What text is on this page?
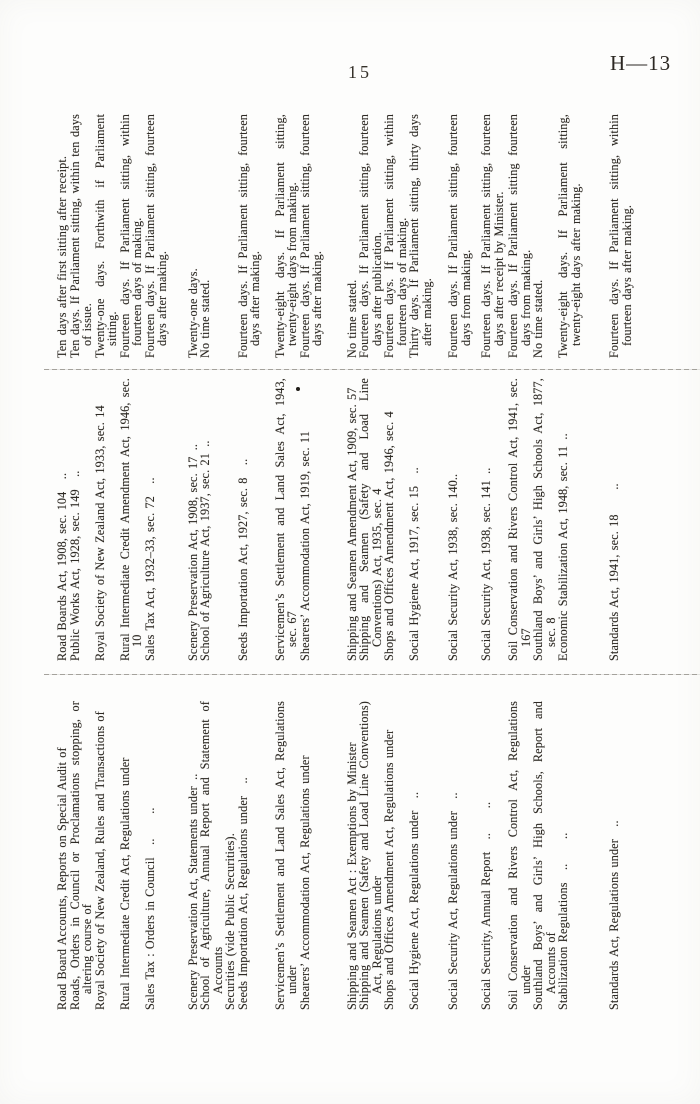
15	H—13
Road Board Accounts, Reports on Special Audit of
Road Boards Act, 1908, sec. 104 ..
Ten days after first sitting after receipt.
Roads, Orders in Council or Proclamations stopping, or altering course of
Public Works Act, 1928, sec. 149 ..
Ten days. If Parliament sitting, within ten days of issue.
Royal Society of New Zealand, Rules and Transactions of
Royal Society of New Zealand Act, 1933, sec. 14
Twenty-one days. Forthwith if Parliament sitting.
Rural Intermediate Credit Act, Regulations under
Rural Intermediate Credit Amendment Act, 1946, sec. 10
Fourteen days. If Parliament sitting, within fourteen days of making.
Sales Tax : Orders in Council ..  ..
Sales Tax Act, 1932–33, sec. 72 ..
Fourteen days. If Parliament sitting, fourteen days after making.
Scenery Preservation Act, Statements under ..
Scenery Preservation Act, 1908, sec. 17 ..
Twenty-one days.
School of Agriculture, Annual Report and Statement of Accounts
School of Agriculture Act, 1937, sec. 21 ..
No time stated.
Securities (vide Public Securities).
Seeds Importation Act, Regulations under ..
Seeds Importation Act, 1927, sec. 8 ..
Fourteen days. If Parliament sitting, fourteen days after making.
Servicemen’s Settlement and Land Sales Act, Regulations under
Servicemen’s Settlement and Land Sales Act, 1943, sec. 67
Twenty-eight days. If Parliament sitting, twenty-eight days from making.
Shearers’ Accommodation Act, Regulations under
Shearers’ Accommodation Act, 1919, sec. 11
Fourteen days. If Parliament sitting, fourteen days after making.
Shipping and Seamen Act : Exemptions by Minister
Shipping and Seamen Amendment Act, 1909, sec. 57
No time stated.
Shipping and Seamen (Safety and Load Line Conventions) Act, Regulations under
Shipping and Seamen (Safety and Load Line Conventions) Act, 1935, sec. 4
Fourteen days. If Parliament sitting, fourteen days after publication.
Shops and Offices Amendment Act, Regulations under
Shops and Offices Amendment Act, 1946, sec. 4
Fourteen days. If Parliament sitting, within fourteen days of making.
Social Hygiene Act, Regulations under ..
Social Hygiene Act, 1917, sec. 15 ..
Thirty days. If Parliament sitting, thirty days after making.
Social Security Act, Regulations under ..
Social Security Act, 1938, sec. 140..
Fourteen days. If Parliament sitting, fourteen days from making.
Social Security, Annual Report ..  ..
Social Security Act, 1938, sec. 141 ..
Fourteen days. If Parliament sitting, fourteen days after receipt by Minister.
Soil Conservation and Rivers Control Act, Regulations under
Soil Conservation and Rivers Control Act, 1941, sec. 167
Fourteen days. If Parliament sitting fourteen days from making.
Southland Boys’ and Girls’ High Schools, Report and Accounts of
Southland Boys’ and Girls’ High Schools Act, 1877, sec. 8
No time stated.
Stabilization Regulations ..  ..
Economic Stabilization Act, 1948, sec. 11 ..
Twenty-eight days. If Parliament sitting, twenty-eight days after making.
Standards Act, Regulations under ..
Standards Act, 1941, sec. 18  ..
Fourteen days. If Parliament sitting, within fourteen days after making.
